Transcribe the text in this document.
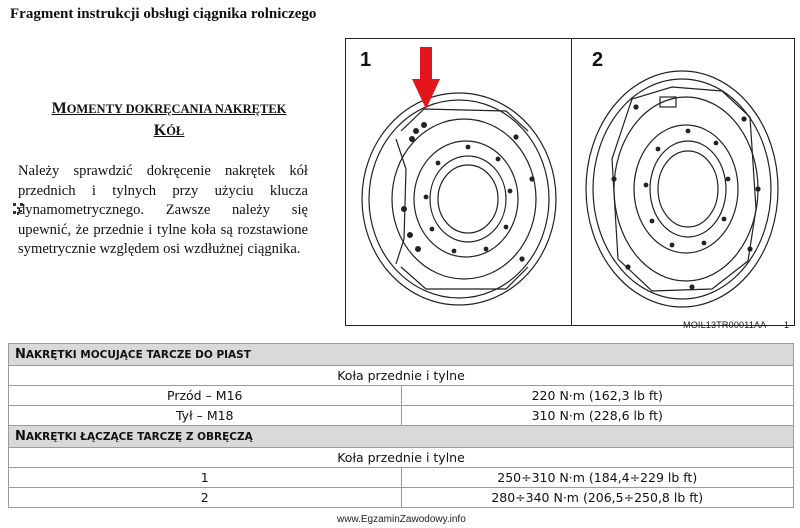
Fragment instrukcji obsługi ciągnika rolniczego
MOMENTY DOKRĘCANIA NAKRĘTEK
KÓŁ
Należy sprawdzić dokręcenie nakrętek kół przednich i tylnych przy użyciu klucza dynamometrycznego. Zawsze należy się upewnić, że przednie i tylne koła są rozstawione symetrycznie względem osi wzdłużnej ciągnika.
1	2
MOIL13TR00011AA 1
NAKRĘTKI MOCUJĄCE TARCZE DO PIAST	
Koła przednie i tylne	
Przód – M16	220 N·m (162,3 lb ft)
Tył – M18	310 N·m (228,6 lb ft)
NAKRĘTKI ŁĄCZĄCE TARCZĘ Z OBRĘCZĄ	
Koła przednie i tylne	
1	250÷310 N·m (184,4÷229 lb ft)
2	280÷340 N·m (206,5÷250,8 lb ft)
www.EgzaminZawodowy.info
